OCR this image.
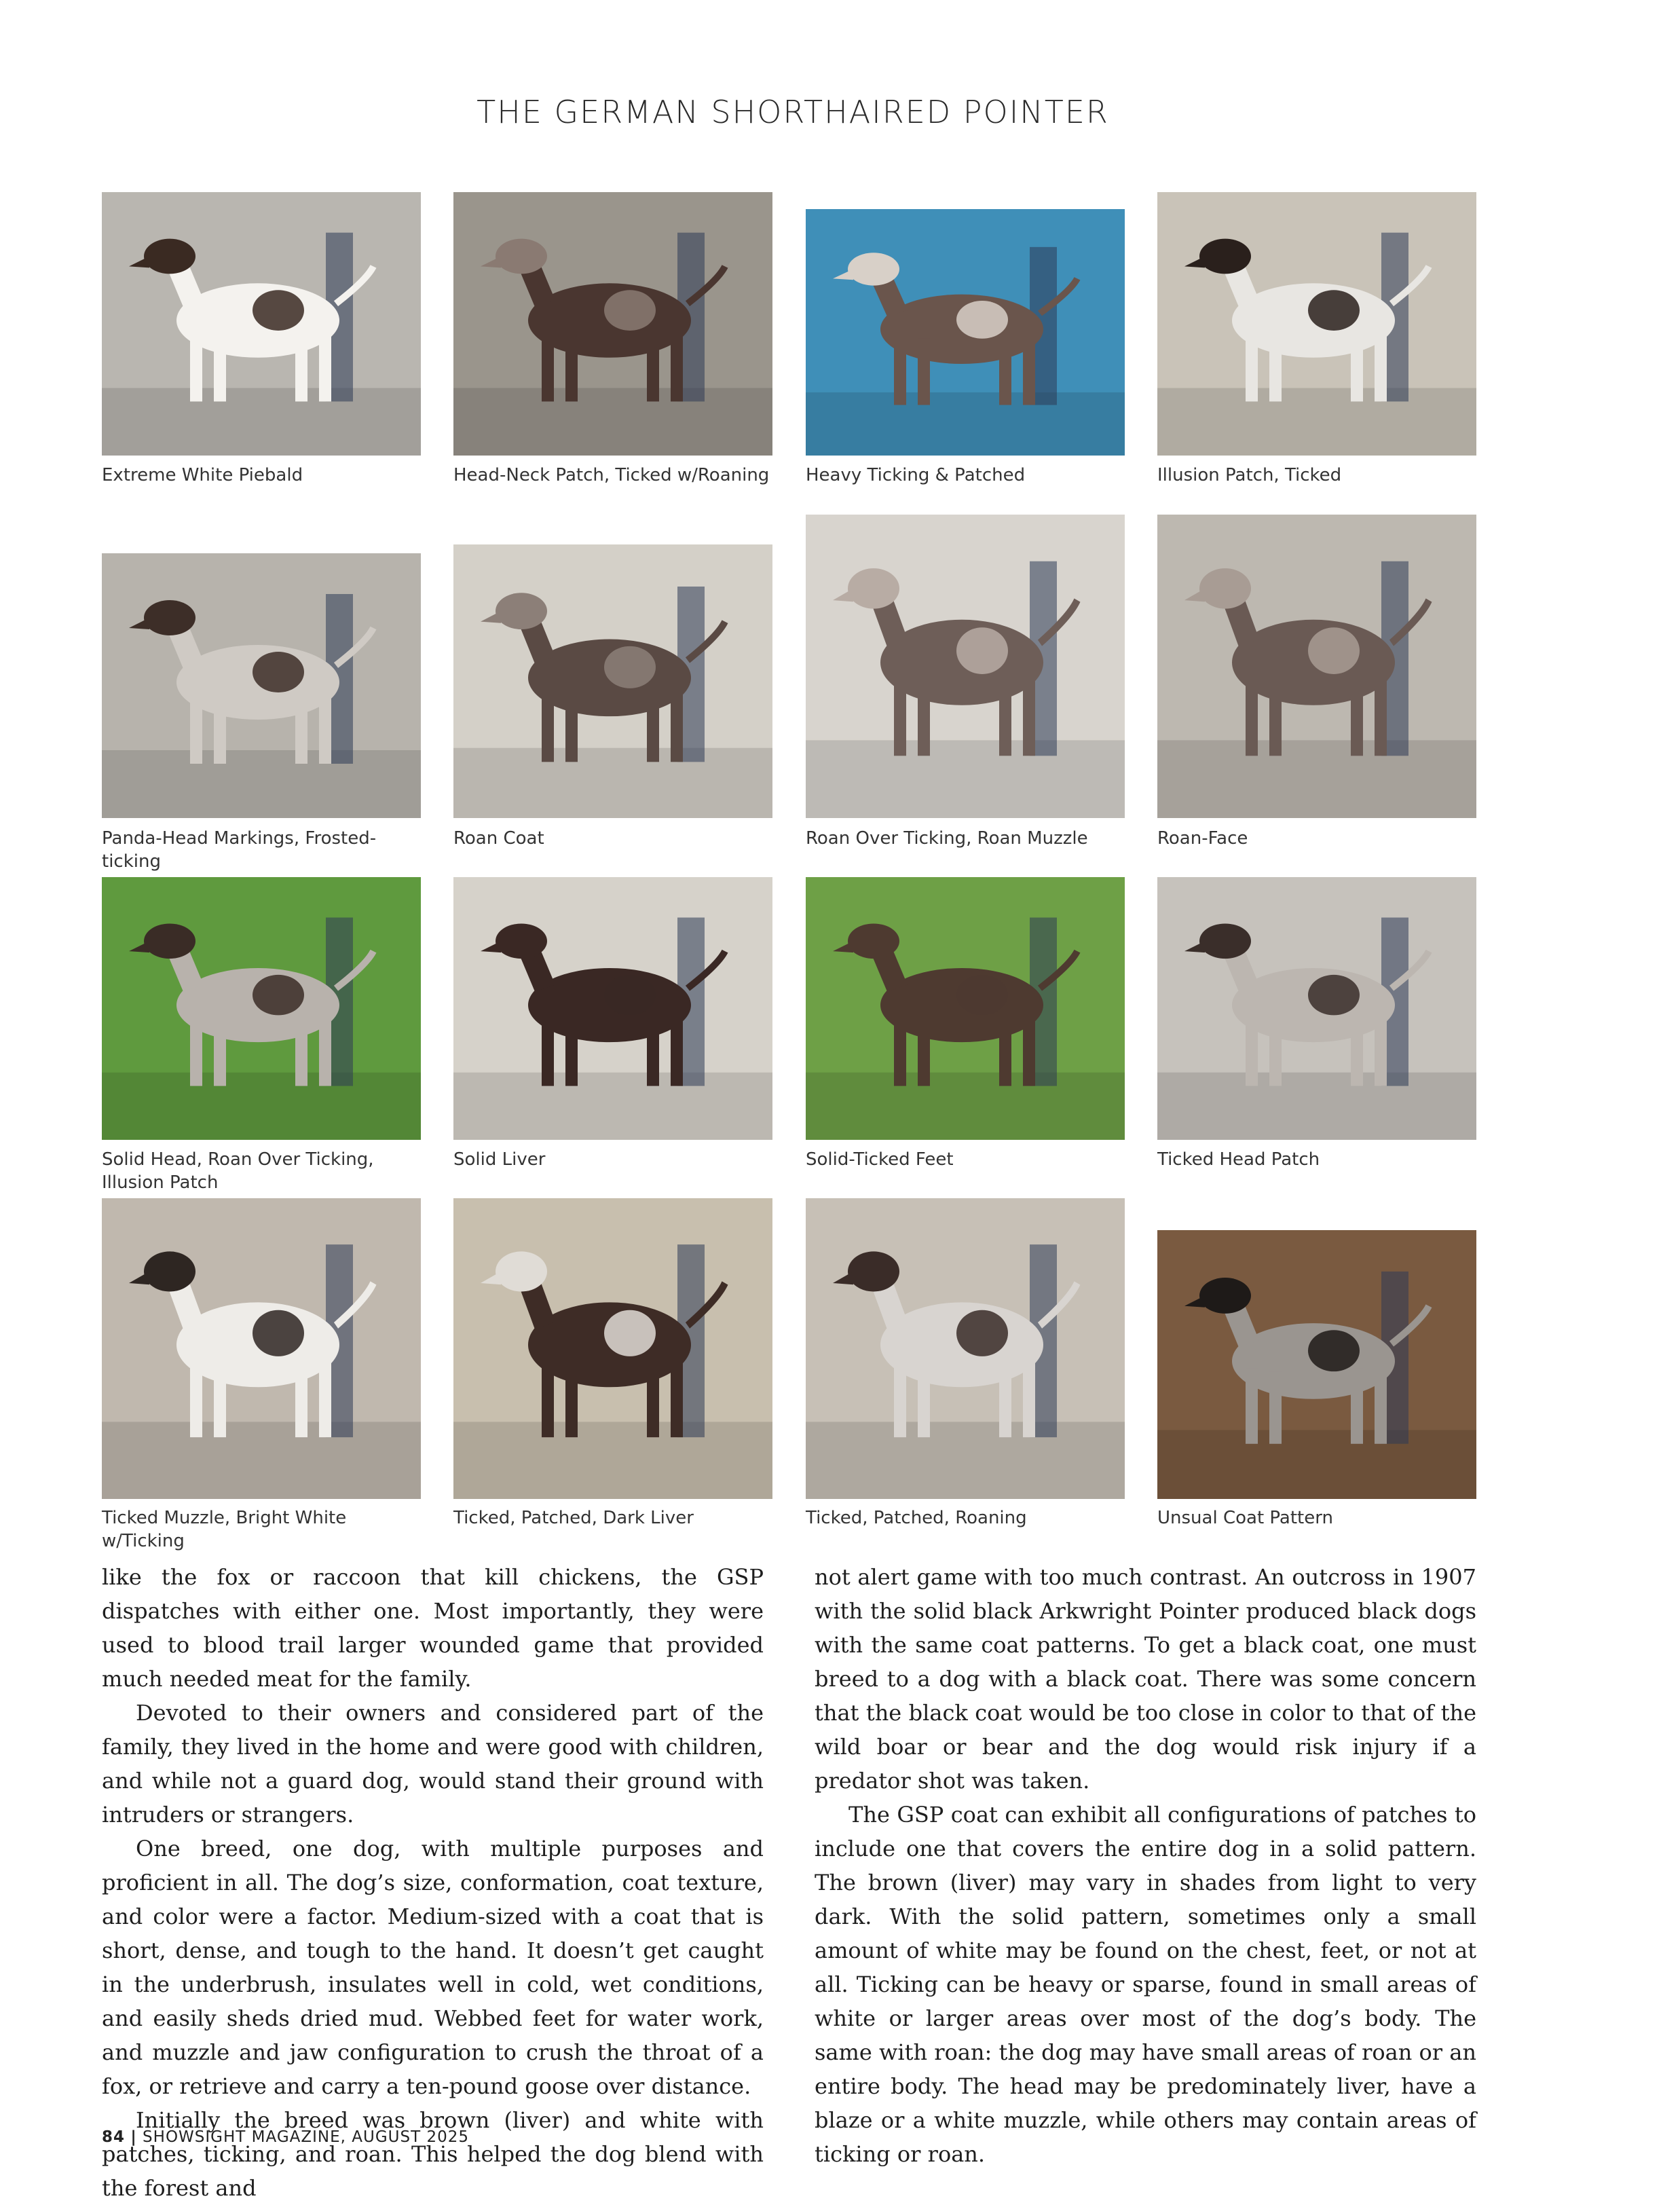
THE GERMAN SHORTHAIRED POINTER
Extreme White Piebald	Head-Neck Patch, Ticked w/Roaning Heavy Ticking & Patched	Illusion Patch, Ticked
Panda-Head Markings, Frosted-ticking
Roan Coat	Roan Over Ticking, Roan Muzzle	Roan-Face
Solid Head, Roan Over Ticking, Illusion Patch
Solid Liver	Solid-Ticked Feet	Ticked Head Patch
Ticked Muzzle, Bright White w/Ticking
Ticked, Patched, Dark Liver	Ticked, Patched, Roaning	Unsual Coat Pattern

like the fox or raccoon that kill chickens, the GSP dispatches with either one. Most importantly, they were used to blood trail larger wounded game that provided much needed meat for the family.

Devoted to their owners and considered part of the family, they lived in the home and were good with children, and while not a guard dog, would stand their ground with intruders or strangers.

One breed, one dog, with multiple purposes and proficient in all. The dog’s size, conformation, coat texture, and color were a factor. Medium-sized with a coat that is short, dense, and tough to the hand. It doesn’t get caught in the underbrush, insulates well in cold, wet conditions, and easily sheds dried mud. Webbed feet for water work, and muzzle and jaw configuration to crush the throat of a fox, or retrieve and carry a ten-pound goose over distance.

Initially the breed was brown (liver) and white with patches, ticking, and roan. This helped the dog blend with the forest and

not alert game with too much contrast. An outcross in 1907 with the solid black Arkwright Pointer produced black dogs with the same coat patterns. To get a black coat, one must breed to a dog with a black coat. There was some concern that the black coat would be too close in color to that of the wild boar or bear and the dog would risk injury if a predator shot was taken.

The GSP coat can exhibit all configurations of patches to include one that covers the entire dog in a solid pattern. The brown (liver) may vary in shades from light to very dark. With the solid pattern, sometimes only a small amount of white may be found on the chest, feet, or not at all. Ticking can be heavy or sparse, found in small areas of white or larger areas over most of the dog’s body. The same with roan: the dog may have small areas of roan or an entire body. The head may be predominately liver, have a blaze or a white muzzle, while others may contain areas of ticking or roan.

84 | SHOWSIGHT MAGAZINE, AUGUST 2025
